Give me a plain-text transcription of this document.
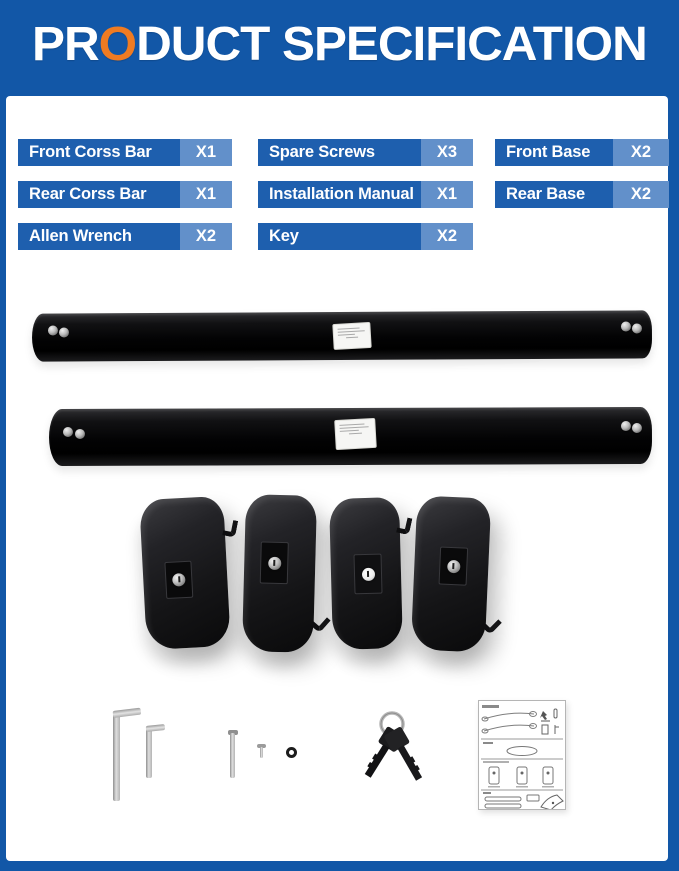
PRODUCT SPECIFICATION
Front Corss Bar	X1
Rear Corss Bar	X1
Allen Wrench	X2
Spare Screws	X3
Installation Manual	X1
Key	X2
Front Base	X2
Rear Base	X2
